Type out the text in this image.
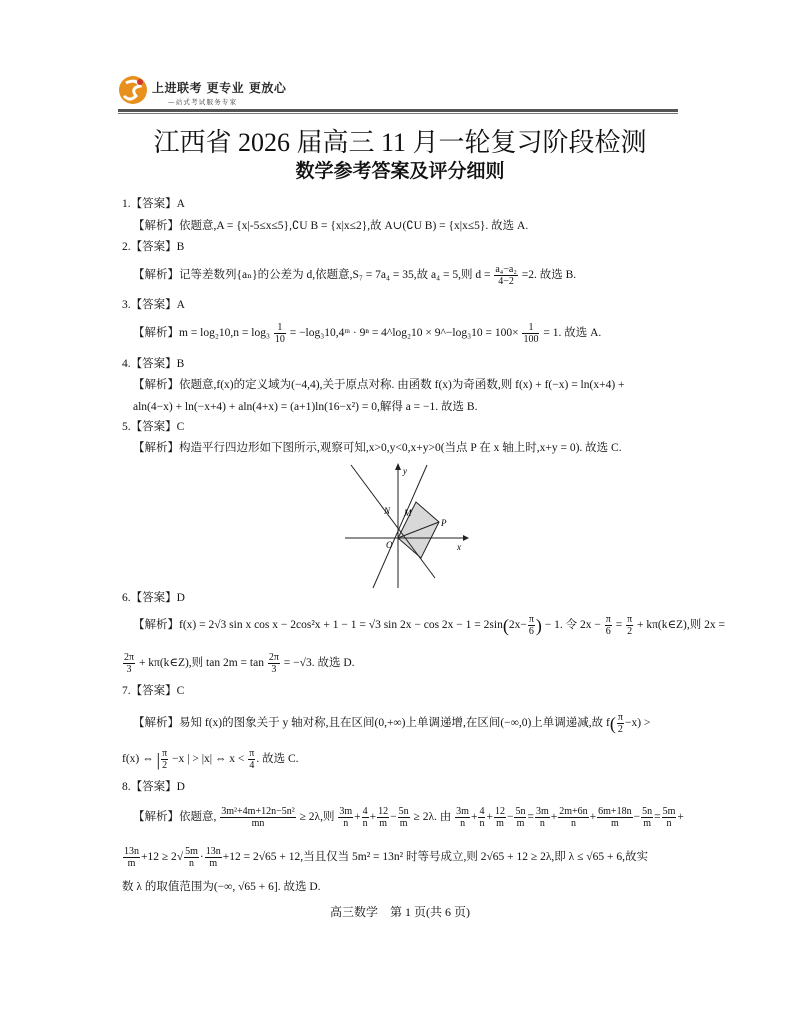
上进联考 更专业 更放心
—站式考试服务专家
江西省 2026 届高三 11 月一轮复习阶段检测
数学参考答案及评分细则
1.【答案】A
【解析】依题意,A = {x|-5≤x≤5},∁U B = {x|x≤2},故 A∪(∁U B) = {x|x≤5}. 故选 A.
2.【答案】B
【解析】记等差数列{aₙ}的公差为 d,依题意,S₇ = 7a₄ = 35,故 a₄ = 5,则 $d = \frac{\text{a₄−a₂}}{4-2} =2$. 故选 B.
3.【答案】A
【解析】$m = \log_210,n = \log_3 \frac{1}{10}$ = −log₃10,4ᵐ · 9ⁿ = 4^log₂10 × 9^−log₃10 = $100\times \frac{1}{100} = 1$. 故选 A.
4.【答案】B
【解析】依题意,f(x)的定义域为(−4,4),关于原点对称. 由函数 f(x)为奇函数,则 f(x) + f(−x) = ln(x+4) +
aln(4−x) + ln(−x+4) + aln(4+x) = (a+1)ln(16−x²) = 0,解得 a = −1. 故选 B.
5.【答案】C
【解析】构造平行四边形如下图所示,观察可知,x>0,y<0,x+y>0(当点 P 在 x 轴上时,x+y = 0). 故选 C.
y
x
O
N M
P
6.【答案】D
【解析】f(x) = 2√3 sin x cos x − 2cos²x + 1 − 1 = √3 $\sin 2x - \cos 2x - 1 = 2\sin(2x- \frac{\pi}{6}$ ) − 1. 令 $2x - \frac{\pi}{6} = \frac{\pi}{2}$ + kπ(k∈Z),则 2x =
$\frac{2\pi}{3}$ + kπ(k∈Z),则 $\tan 2m = \tan \frac{2\pi}{3} = -√3$. 故选 D.
7.【答案】C
【解析】易知 f(x)的图象关于 y 轴对称,且在区间(0,+∞)上单调递增,在区间(−∞,0)上单调递减,故 $f( \frac{\pi}{2} -x)$ >
f(x) ⇔ | $\frac{\pi}{2} -x$ | > |x| ⇔ $x < \frac{\pi}{4}$ . 故选 C.
8.【答案】D
【解析】依题意, $\frac{\text{3m²+4m+12n−5n²}}{mn} \ge 2\lambda$,则 $\frac{3m}{n} + \frac{4}{n} + \frac{12}{m} - \frac{5n}{m} \ge 2\lambda$. 由 $\frac{3m}{n} + \frac{4}{n} + \frac{12}{m} - \frac{5n}{m} = \frac{3m}{n} + \frac{2m+6n}{n} + \frac{6m+18n}{m} - \frac{5n}{m} = \frac{5m}{n}$ +
$\frac{13n}{m} +12 \ge 2√ \frac{5m}{n} \cdot \frac{13n}{m} +12 = 2√65 + 12$,当且仅当 5m² = 13n² 时等号成立,则 2√65 + 12 ≥ 2λ,即 λ ≤ √65 + 6,故实
数 λ 的取值范围为(−∞, √65 + 6]. 故选 D.
高三数学　第 1 页(共 6 页)
